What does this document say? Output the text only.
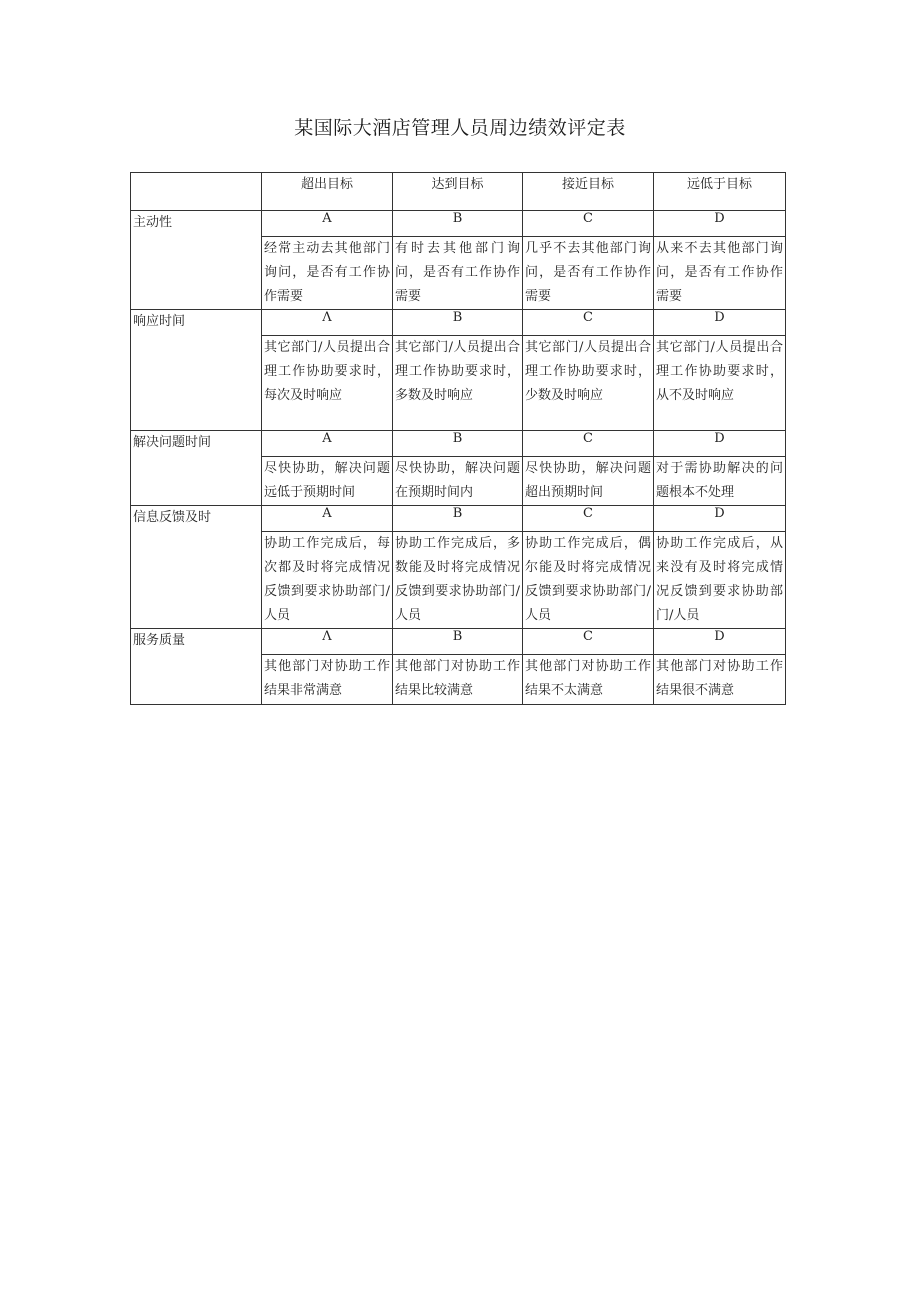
某国际大酒店管理人员周边绩效评定表
	超出目标	达到目标	接近目标	远低于目标
主动性	A	B	C	D
	经常主动去其他部门询问，是否有工作协作需要	有时去其他部门询问，是否有工作协作需要	几乎不去其他部门询问，是否有工作协作需要	从来不去其他部门询问，是否有工作协作需要
响应时间	Λ	B	C	D
	其它部门/人员提出合理工作协助要求时，每次及时响应	其它部门/人员提出合理工作协助要求时，多数及时响应	其它部门/人员提出合理工作协助要求时，少数及时响应	其它部门/人员提出合理工作协助要求时，从不及时响应
解决问题时间	A	B	C	D
	尽快协助，解决问题远低于预期时间	尽快协助，解决问题在预期时间内	尽快协助，解决问题超出预期时间	对于需协助解决的问题根本不处理
信息反馈及时	A	B	C	D
	协助工作完成后，每次都及时将完成情况反馈到要求协助部门/人员	协助工作完成后，多数能及时将完成情况反馈到要求协助部门/人员	协助工作完成后，偶尔能及时将完成情况反馈到要求协助部门/人员	协助工作完成后，从来没有及时将完成情况反馈到要求协助部门/人员
服务质量	Λ	B	C	D
	其他部门对协助工作结果非常满意	其他部门对协助工作结果比较满意	其他部门对协助工作结果不太满意	其他部门对协助工作结果很不满意
